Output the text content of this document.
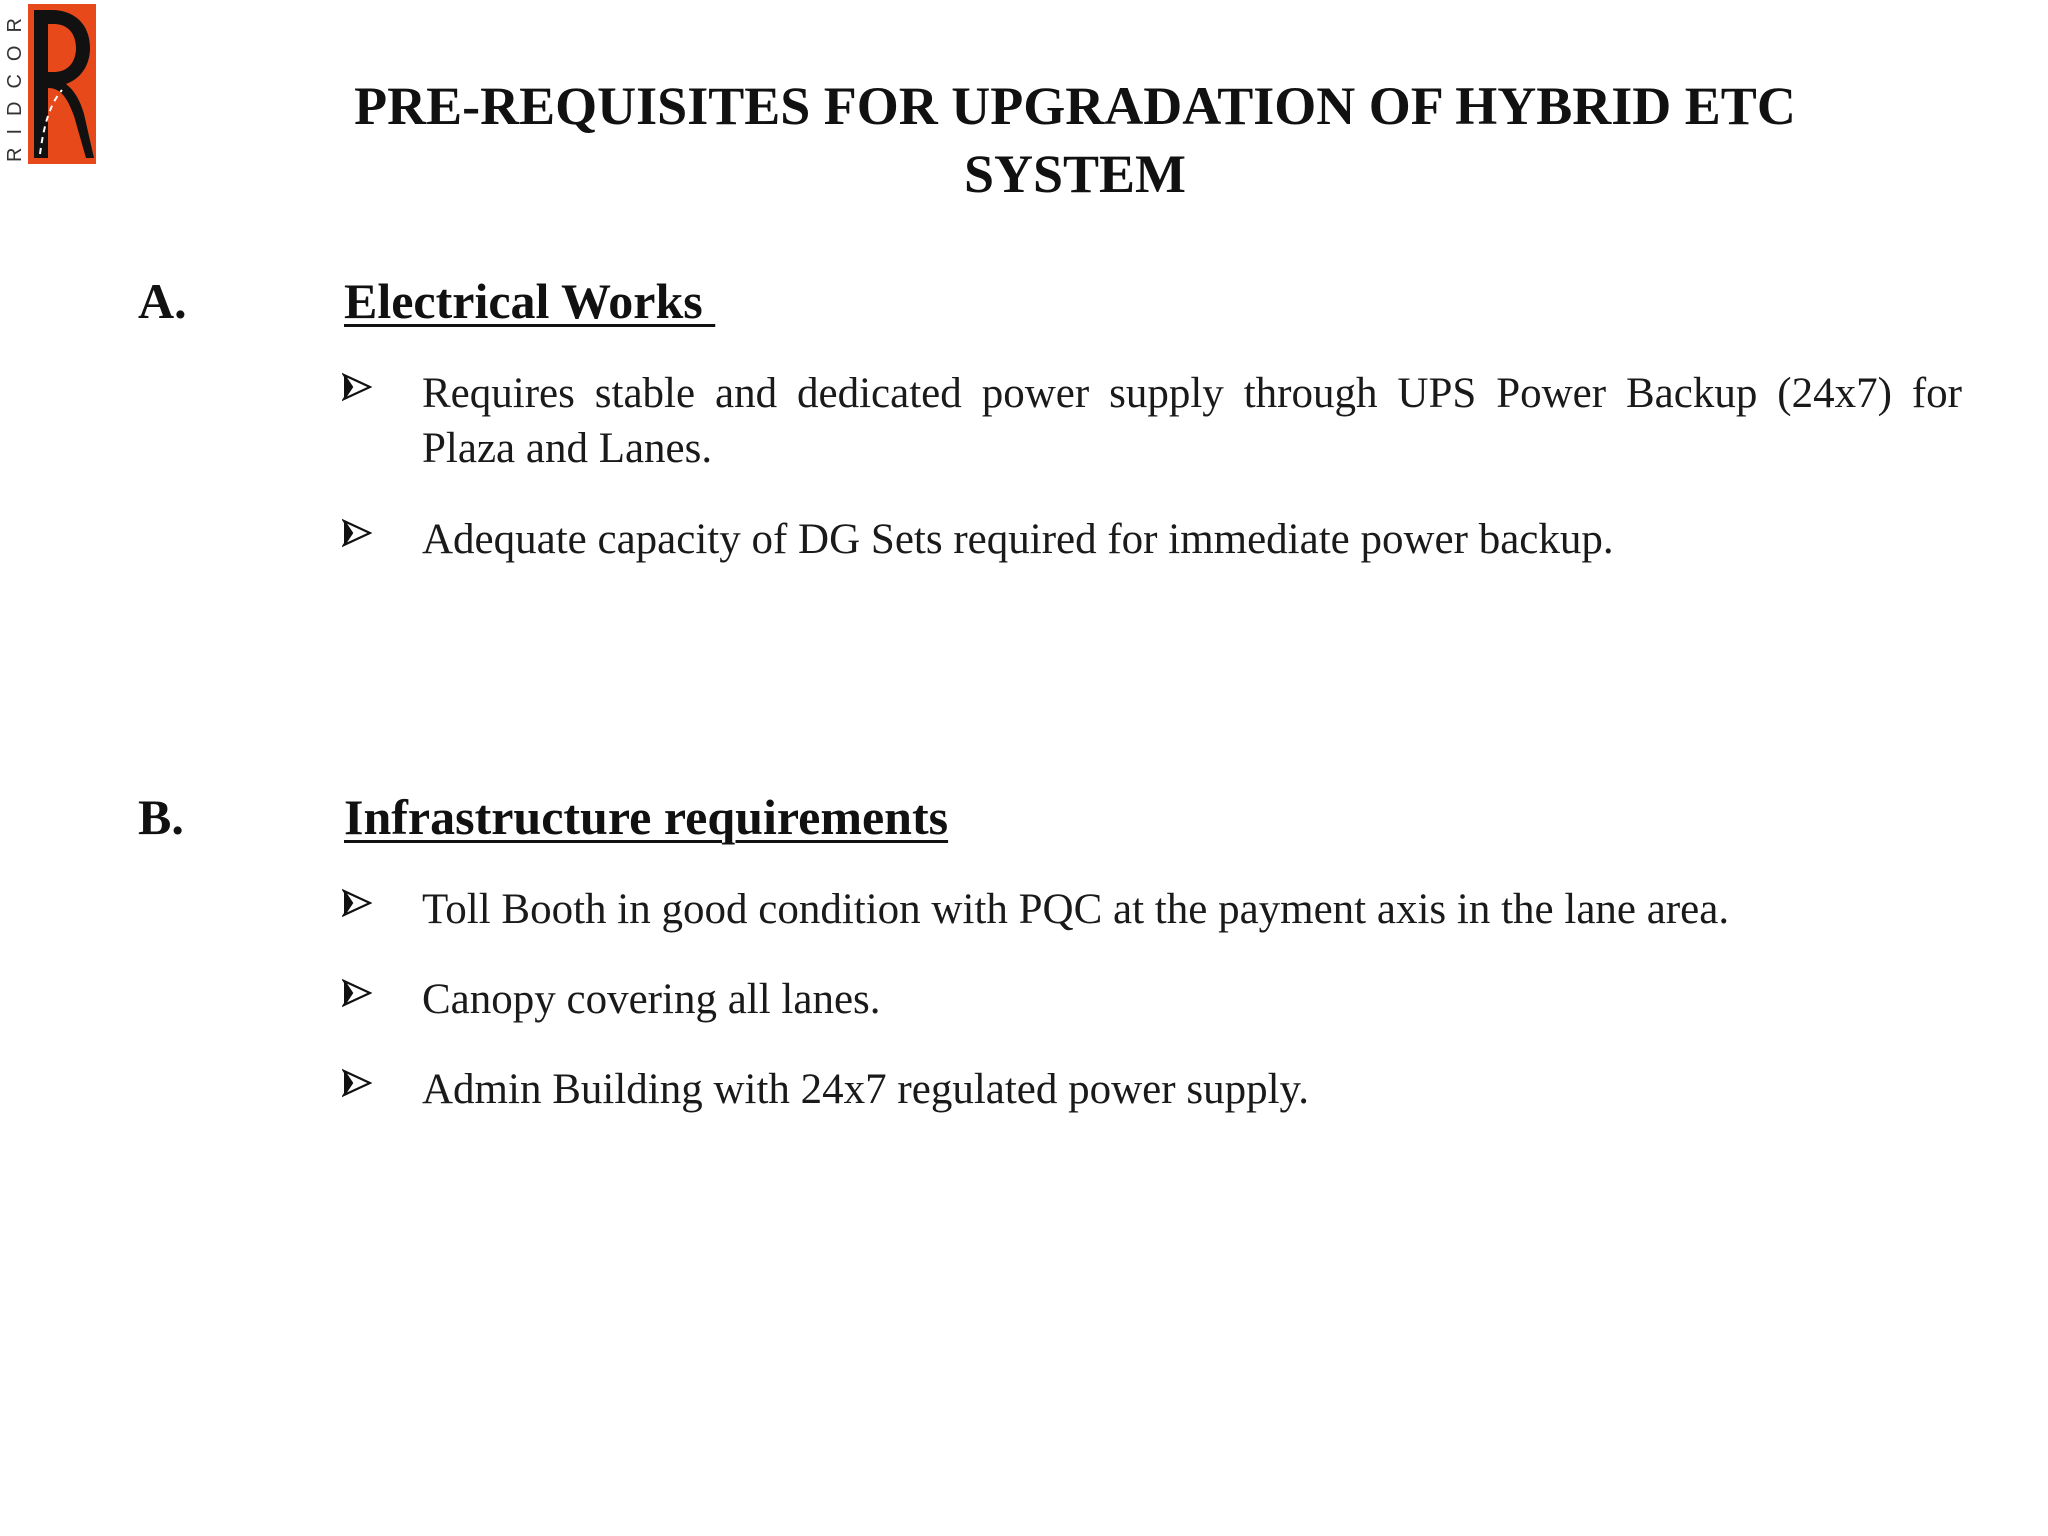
RIDCOR	PRE-REQUISITES FOR UPGRADATION OF HYBRID ETC
SYSTEM
A.	Electrical Works
Requires stable and dedicated power supply through UPS Power Backup (24x7) for Plaza and Lanes.
Adequate capacity of DG Sets required for immediate power backup.
B.	Infrastructure requirements
Toll Booth in good condition with PQC at the payment axis in the lane area.
Canopy covering all lanes.
Admin Building with 24x7 regulated power supply.
